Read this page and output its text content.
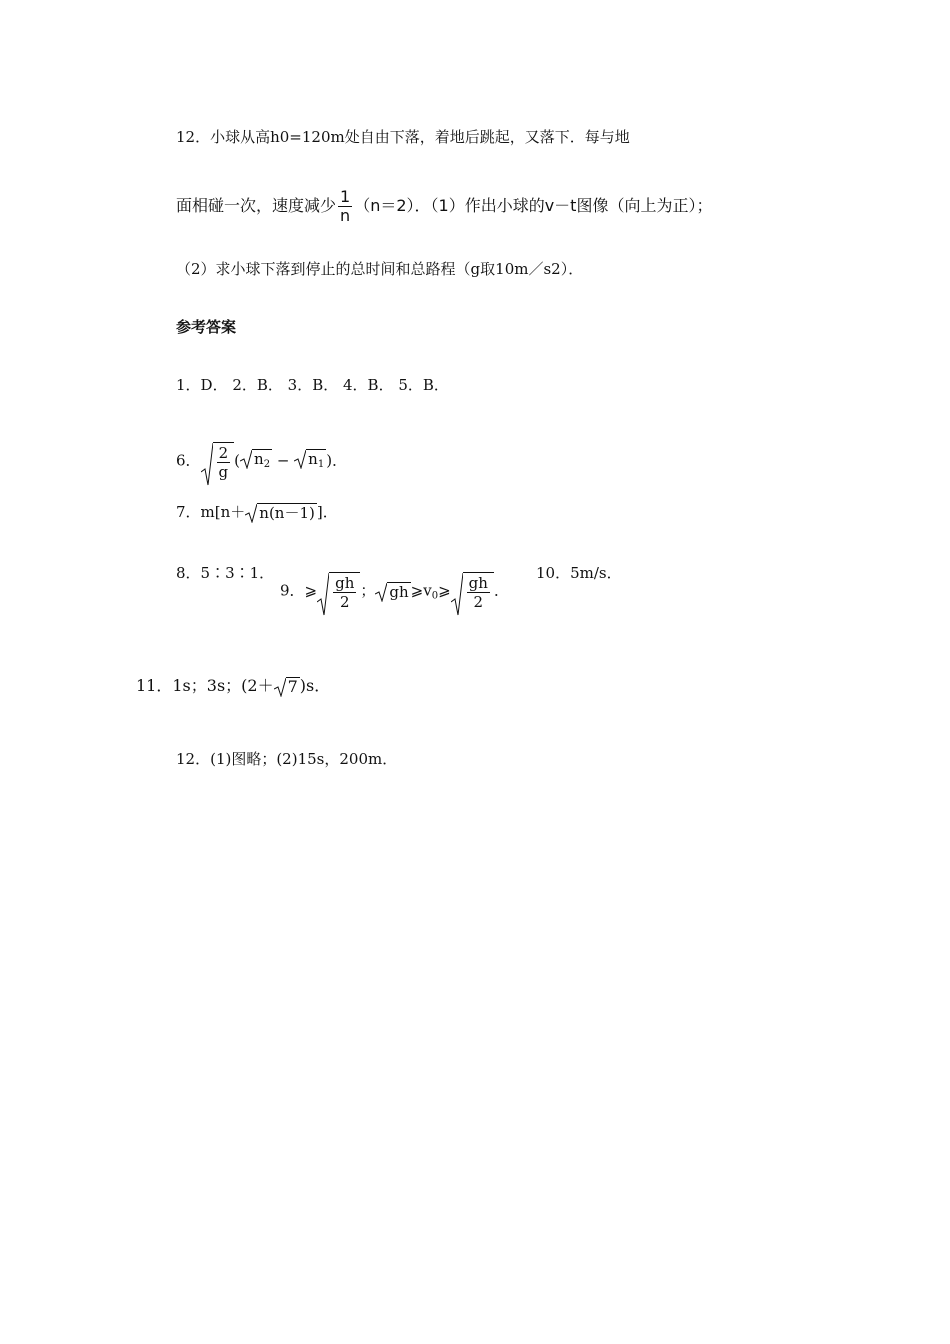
12．小球从高h0=120m处自由下落，着地后跳起，又落下．每与地
面相碰一次，速度减少 $\frac{1}{n} (n=2)$．（1）作出小球的v－t图像（向上为正）；
（2）求小球下落到停止的总时间和总路程（g取10m／s2）．
参考答案
1．D． 2．B． 3．B． 4．B． 5．B．
6． $\frac{2}{g}$ ( $n_2$ −
$n_1$ )．
7．m[n＋ n(n－1) ]．
8．5∶3∶1．
9．⩾ $\frac{gh}{2}$ ； gh $⩾v_0⩾ \frac{gh}{2}$ ．
10．5m/s．
11．1s；3s；(2＋ 7 )s．
12．(1)图略；(2)15s，200m．
